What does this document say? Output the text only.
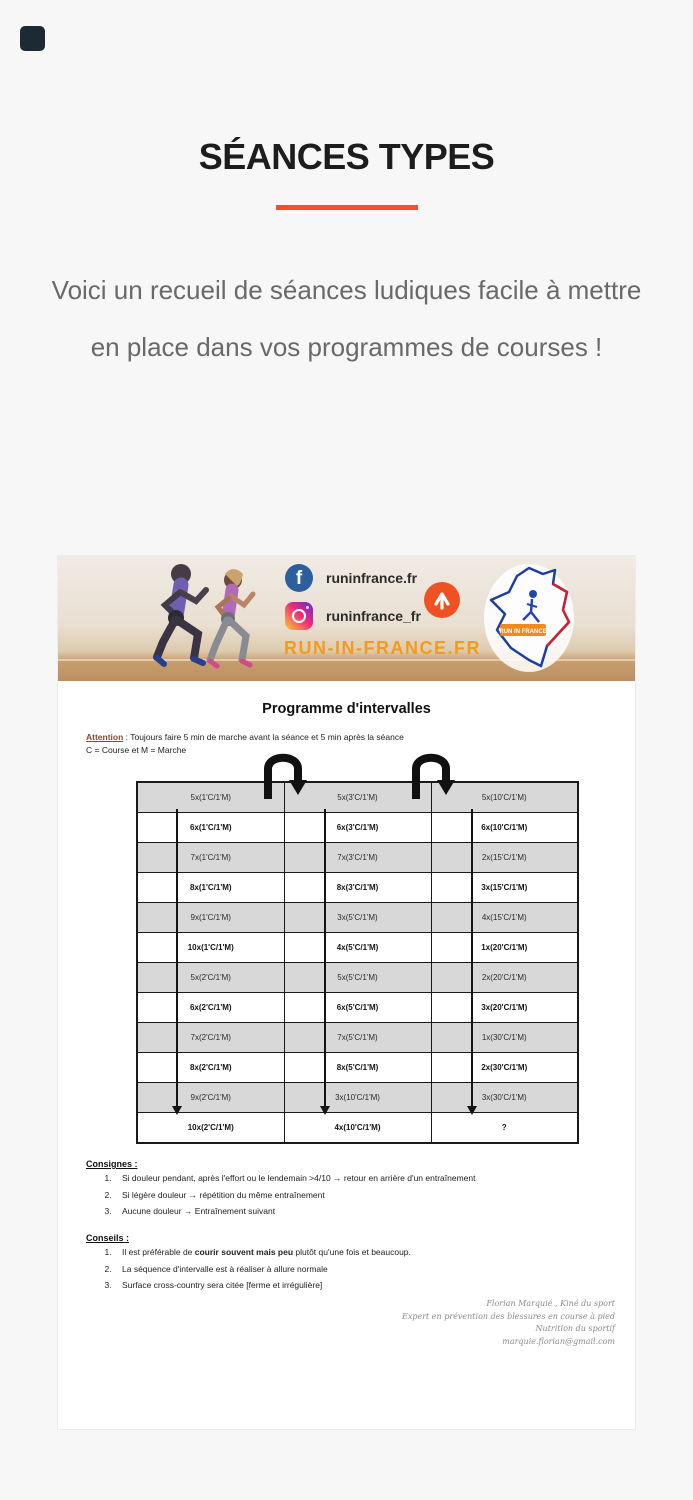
SÉANCES TYPES

Voici un recueil de séances ludiques facile à mettre en place dans vos programmes de courses !

f	runinfrance.fr
runinfrance_fr
RUN-IN-FRANCE.FR
RUN IN FRANCE
Programme d'intervalles

Attention : Toujours faire 5 min de marche avant la séance et 5 min après la séance

C = Course et M = Marche

5x(1'C/1'M)	5x(3'C/1'M)	5x(10'C/1'M)
6x(1'C/1'M)	6x(3'C/1'M)	6x(10'C/1'M)
7x(1'C/1'M)	7x(3'C/1'M)	2x(15'C/1'M)
8x(1'C/1'M)	8x(3'C/1'M)	3x(15'C/1'M)
9x(1'C/1'M)	3x(5'C/1'M)	4x(15'C/1'M)
10x(1'C/1'M)	4x(5'C/1'M)	1x(20'C/1'M)
5x(2'C/1'M)	5x(5'C/1'M)	2x(20'C/1'M)
6x(2'C/1'M)	6x(5'C/1'M)	3x(20'C/1'M)
7x(2'C/1'M)	7x(5'C/1'M)	1x(30'C/1'M)
8x(2'C/1'M)	8x(5'C/1'M)	2x(30'C/1'M)
9x(2'C/1'M)	3x(10'C/1'M)	3x(30'C/1'M)
10x(2'C/1'M)	4x(10'C/1'M)	?
Consignes :
1. Si douleur pendant, après l'effort ou le lendemain >4/10 → retour en arrière d'un entraînement
2. Si légère douleur → répétition du même entraînement
3. Aucune douleur → Entraînement suivant
Conseils :
1. Il est préférable de courir souvent mais peu plutôt qu'une fois et beaucoup.
2. La séquence d'intervalle est à réaliser à allure normale
3. Surface cross-country sera citée [ferme et irrégulière]
Florian Marquié , Kiné du sport
Expert en prévention des blessures en course à pied
Nutrition du sportif
marquie.florian@gmail.com
